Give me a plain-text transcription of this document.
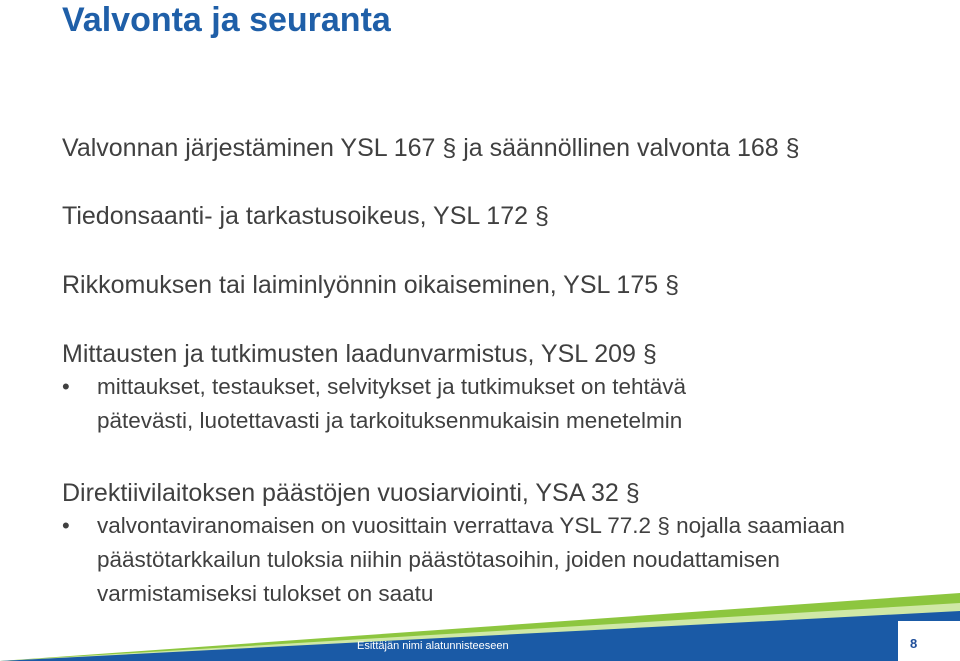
Valvonta ja seuranta

Valvonnan järjestäminen YSL 167 § ja säännöllinen valvonta 168 §

Tiedonsaanti- ja tarkastusoikeus, YSL 172 §

Rikkomuksen tai laiminlyönnin oikaiseminen, YSL 175 §

Mittausten ja tutkimusten laadunvarmistus, YSL 209 §

• mittaukset, testaukset, selvitykset ja tutkimukset on tehtävä pätevästi, luotettavasti ja tarkoituksenmukaisin menetelmin

Direktiivilaitoksen päästöjen vuosiarviointi, YSA 32 §

• valvontaviranomaisen on vuosittain verrattava YSL 77.2 § nojalla saamiaan päästötarkkailun tuloksia niihin päästötasoihin, joiden noudattamisen varmistamiseksi tulokset on saatu
Esittäjän nimi alatunnisteeseen	8
